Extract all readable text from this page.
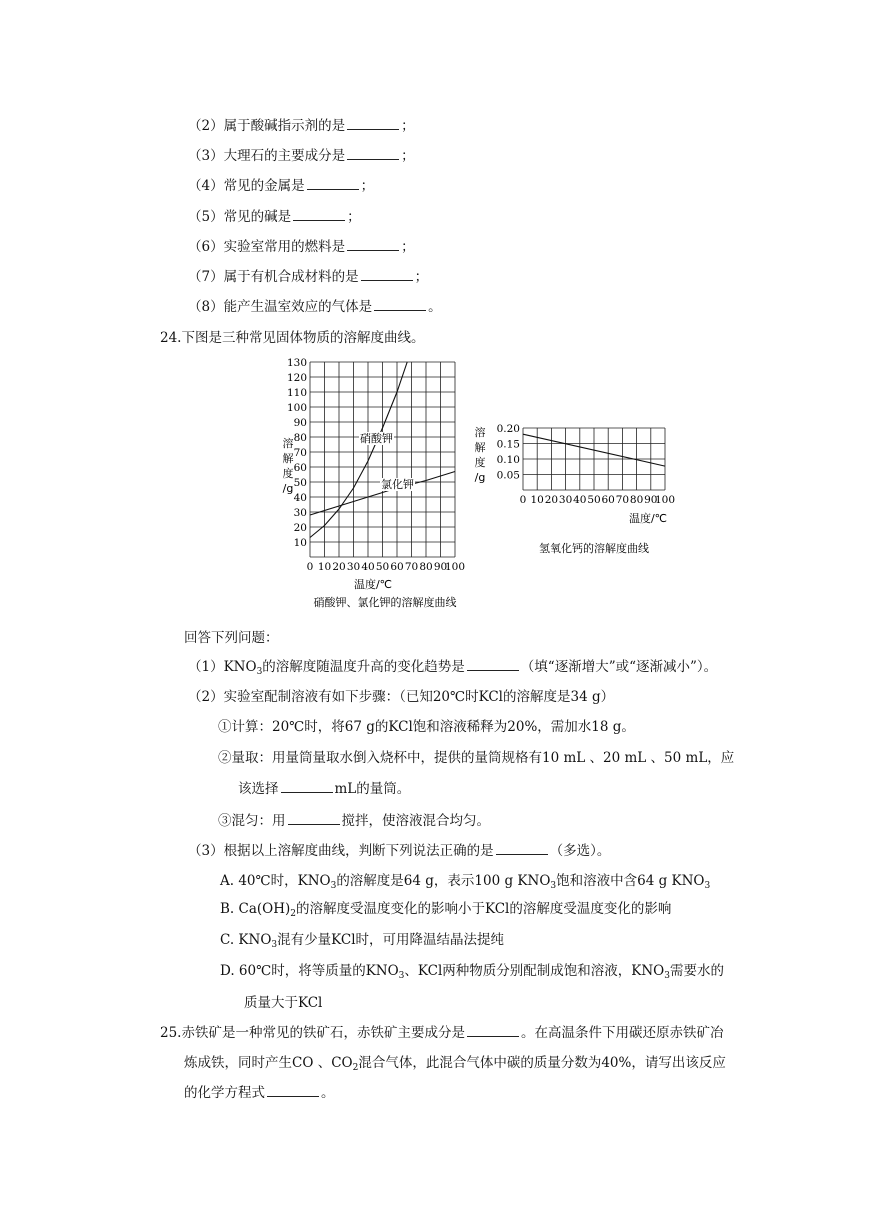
（2）属于酸碱指示剂的是	；
（3）大理石的主要成分是	；
（4）常见的金属是	；
（5）常见的碱是	；
（6）实验室常用的燃料是	；
（7）属于有机合成材料的是	；
（8）能产生温室效应的气体是	。
24.下图是三种常见固体物质的溶解度曲线。
10
20
30
40
50
60
70
80
90
100
110
120
130
0 10 20 30 40 50 60 70 80 90
100
硝酸钾
氯化钾
溶
解
度
/g
温度/℃
硝酸钾、氯化钾的溶解度曲线
0.05
0.10
0.15
0.20
0 10 20 30 40 50 60 70 80 90
100
溶
解
度
/g
温度/℃
氢氧化钙的溶解度曲线
回答下列问题：
$(1)KNO_3$的溶解度随温度升高的变化趋势是	（填“逐渐增大”或“逐渐减小”）。
（2）实验室配制溶液有如下步骤：（已知20℃时KCl的溶解度是34 g）
①计算：20℃时，将67 g的KCl饱和溶液稀释为20%，需加水18 g。
②量取：用量筒量取水倒入烧杯中，提供的量筒规格有10 mL 、20 mL 、50 mL，应
该选择	mL的量筒。
③混匀：用	搅拌，使溶液混合均匀。
（3）根据以上溶解度曲线，判断下列说法正确的是	（多选）。
A. 40℃时，$KNO_3$的溶解度是64 g，表示100 g $KNO_3$饱和溶液中含64 g $KNO_3$
B. $Ca(OH)_2$的溶解度受温度变化的影响小于KCl的溶解度受温度变化的影响
C. $KNO_3$混有少量KCl时，可用降温结晶法提纯
D. 60℃时，将等质量的$KNO_3$、KCl两种物质分别配制成饱和溶液，$KNO_3$需要水的
质量大于KCl
25.赤铁矿是一种常见的铁矿石，赤铁矿主要成分是	。在高温条件下用碳还原赤铁矿冶
炼成铁，同时产生CO 、$CO_2$混合气体，此混合气体中碳的质量分数为40%，请写出该反应
的化学方程式	。
